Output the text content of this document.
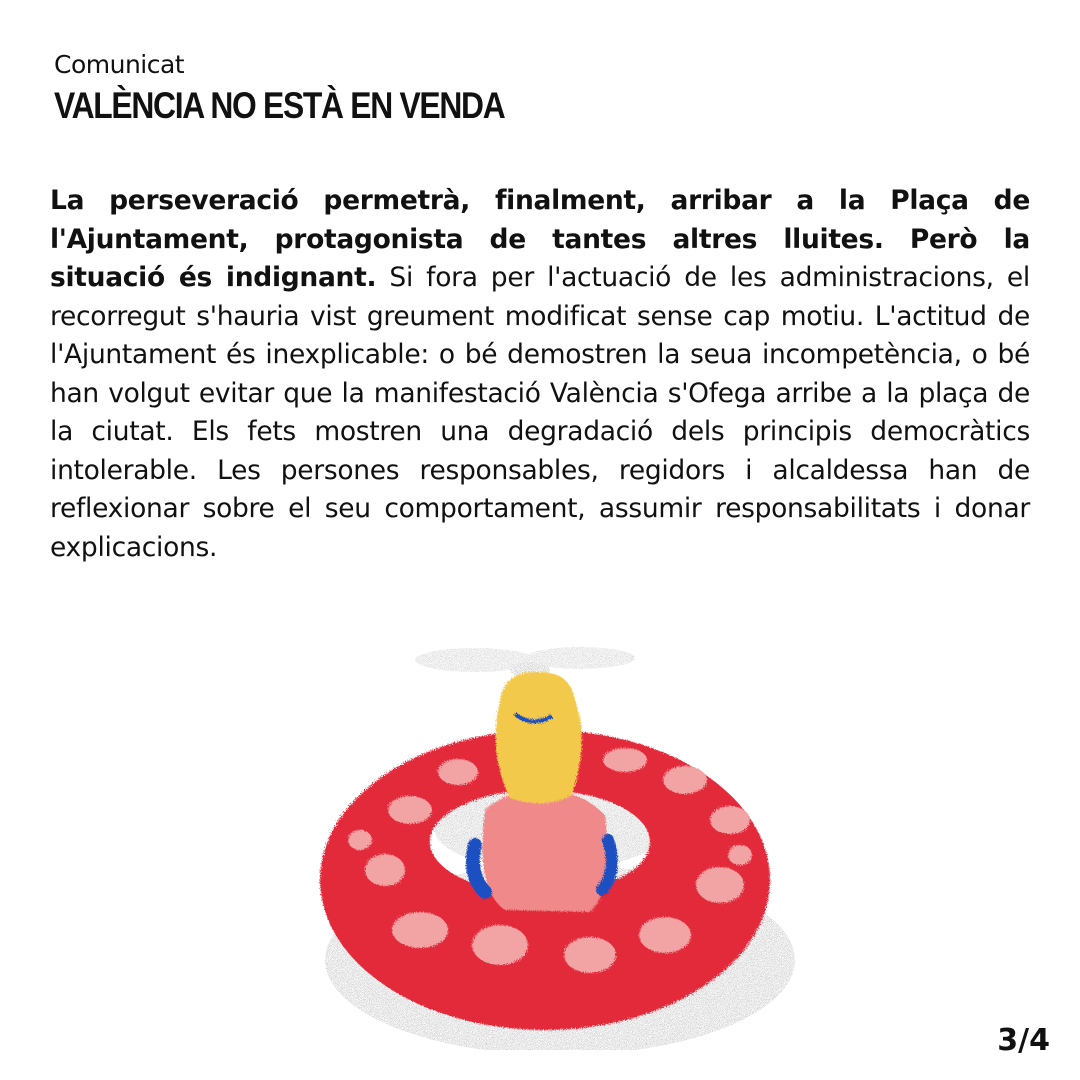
Comunicat
VALÈNCIA NO ESTÀ EN VENDA
La perseveració permetrà, finalment, arribar a la Plaça de l'Ajuntament, protagonista de tantes altres lluites. Però la situació és indignant. Si fora per l'actuació de les administracions, el recorregut s'hauria vist greument modificat sense cap motiu. L'actitud de l'Ajuntament és inexplicable: o bé demostren la seua incompetència, o bé han volgut evitar que la manifestació València s'Ofega arribe a la plaça de la ciutat. Els fets mostren una degradació dels principis democràtics intolerable. Les persones responsables, regidors i alcaldessa han de reflexionar sobre el seu comportament, assumir responsabilitats i donar explicacions.
3/4
